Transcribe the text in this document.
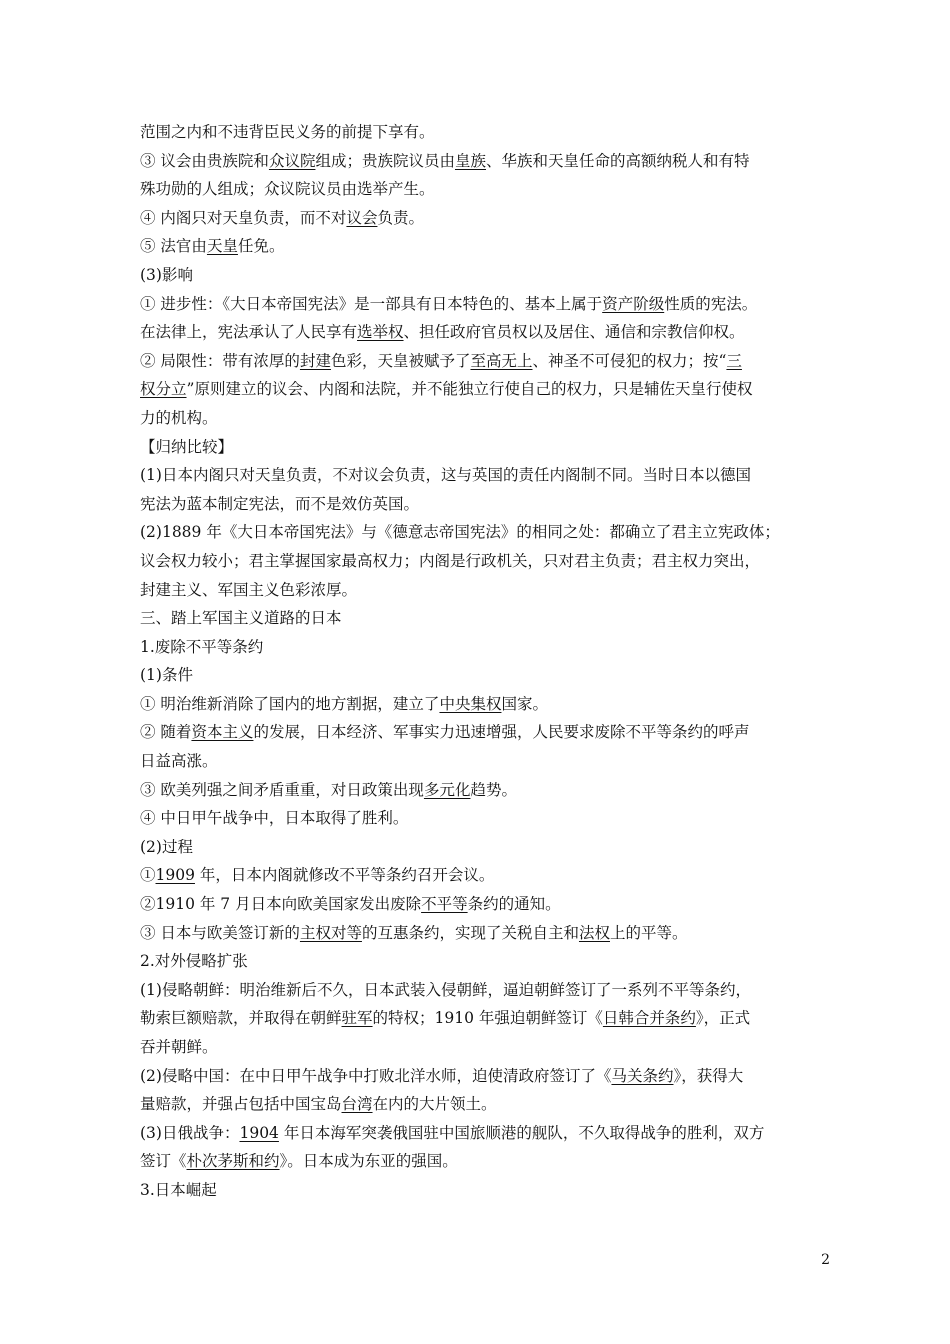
范围之内和不违背臣民义务的前提下享有。
③ 议会由贵族院和众议院组成；贵族院议员由皇族、华族和天皇任命的高额纳税人和有特
殊功勋的人组成；众议院议员由选举产生。
④ 内阁只对天皇负责，而不对议会负责。
⑤ 法官由天皇任免。
(3)影响
① 进步性：《大日本帝国宪法》是一部具有日本特色的、基本上属于资产阶级性质的宪法。
在法律上，宪法承认了人民享有选举权、担任政府官员权以及居住、通信和宗教信仰权。
② 局限性：带有浓厚的封建色彩，天皇被赋予了至高无上、神圣不可侵犯的权力；按“三
权分立”原则建立的议会、内阁和法院，并不能独立行使自己的权力，只是辅佐天皇行使权
力的机构。
【归纳比较】
(1)日本内阁只对天皇负责，不对议会负责，这与英国的责任内阁制不同。当时日本以德国
宪法为蓝本制定宪法，而不是效仿英国。
(2)1889 年《大日本帝国宪法》与《德意志帝国宪法》的相同之处：都确立了君主立宪政体；
议会权力较小；君主掌握国家最高权力；内阁是行政机关，只对君主负责；君主权力突出，
封建主义、军国主义色彩浓厚。
三、踏上军国主义道路的日本
1.废除不平等条约
(1)条件
① 明治维新消除了国内的地方割据，建立了中央集权国家。
② 随着资本主义的发展，日本经济、军事实力迅速增强，人民要求废除不平等条约的呼声
日益高涨。
③ 欧美列强之间矛盾重重，对日政策出现多元化趋势。
④ 中日甲午战争中，日本取得了胜利。
(2)过程
①1909 年，日本内阁就修改不平等条约召开会议。
②1910 年 7 月日本向欧美国家发出废除不平等条约的通知。
③ 日本与欧美签订新的主权对等的互惠条约，实现了关税自主和法权上的平等。
2.对外侵略扩张
(1)侵略朝鲜：明治维新后不久，日本武装入侵朝鲜，逼迫朝鲜签订了一系列不平等条约，
勒索巨额赔款，并取得在朝鲜驻军的特权；1910 年强迫朝鲜签订《日韩合并条约》，正式
吞并朝鲜。
(2)侵略中国：在中日甲午战争中打败北洋水师，迫使清政府签订了《马关条约》，获得大
量赔款，并强占包括中国宝岛台湾在内的大片领土。
(3)日俄战争：1904 年日本海军突袭俄国驻中国旅顺港的舰队，不久取得战争的胜利，双方
签订《朴次茅斯和约》。日本成为东亚的强国。
3.日本崛起
2
